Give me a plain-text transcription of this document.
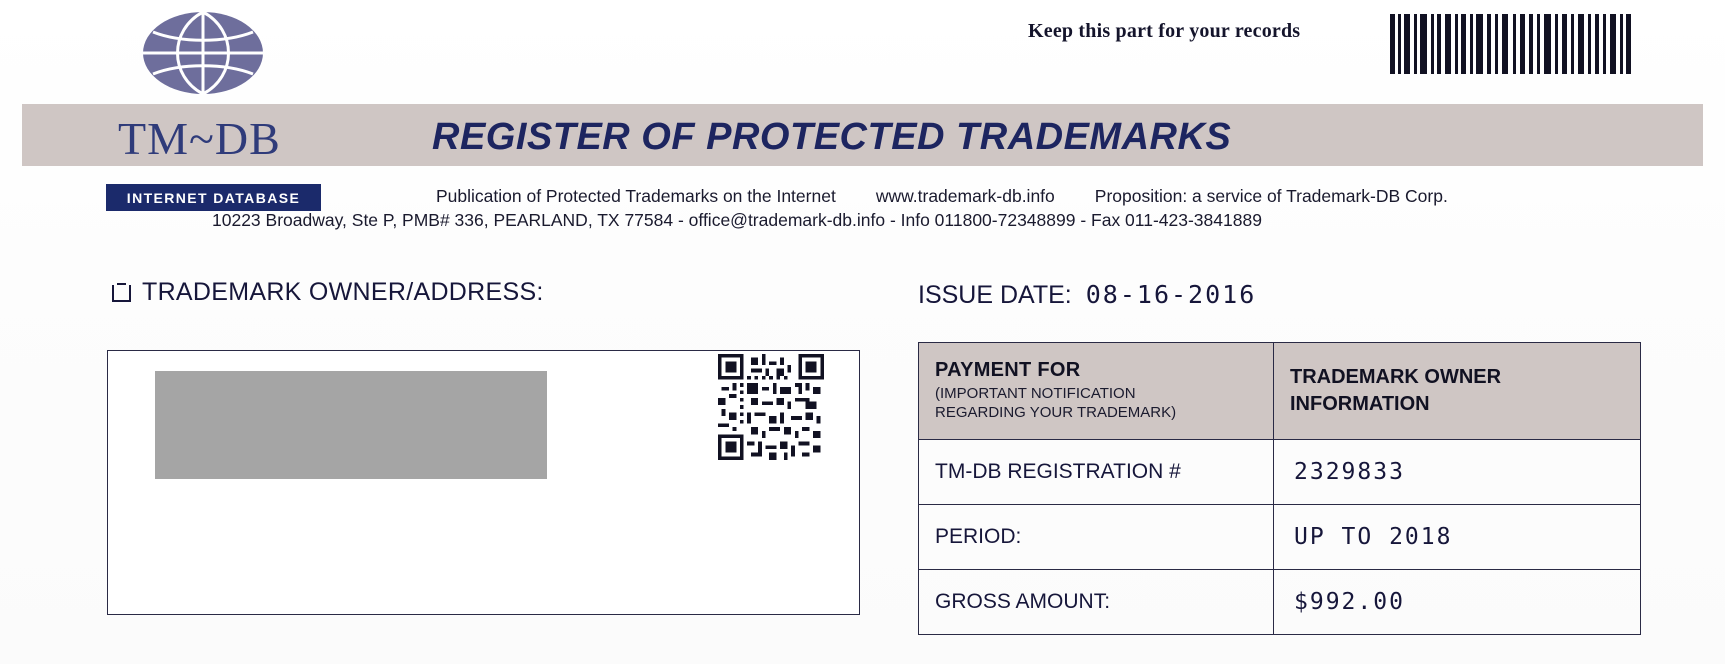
Keep this part for your records
TM~DB	REGISTER OF PROTECTED TRADEMARKS
INTERNET DATABASE	Publication of Protected Trademarks on the Internet www.trademark-db.info Proposition: a service of Trademark-DB Corp.
10223 Broadway, Ste P, PMB# 336, PEARLAND, TX 77584 - office@trademark-db.info - Info 011800-72348899 - Fax 011-423-3841889
TRADEMARK OWNER/ADDRESS:	ISSUE DATE: 08-16-2016
PAYMENT FOR
(IMPORTANT NOTIFICATION
REGARDING YOUR TRADEMARK)

TRADEMARK OWNER
INFORMATION

TM-DB REGISTRATION #	2329833
PERIOD:	UP TO 2018
GROSS AMOUNT:	$992.00
